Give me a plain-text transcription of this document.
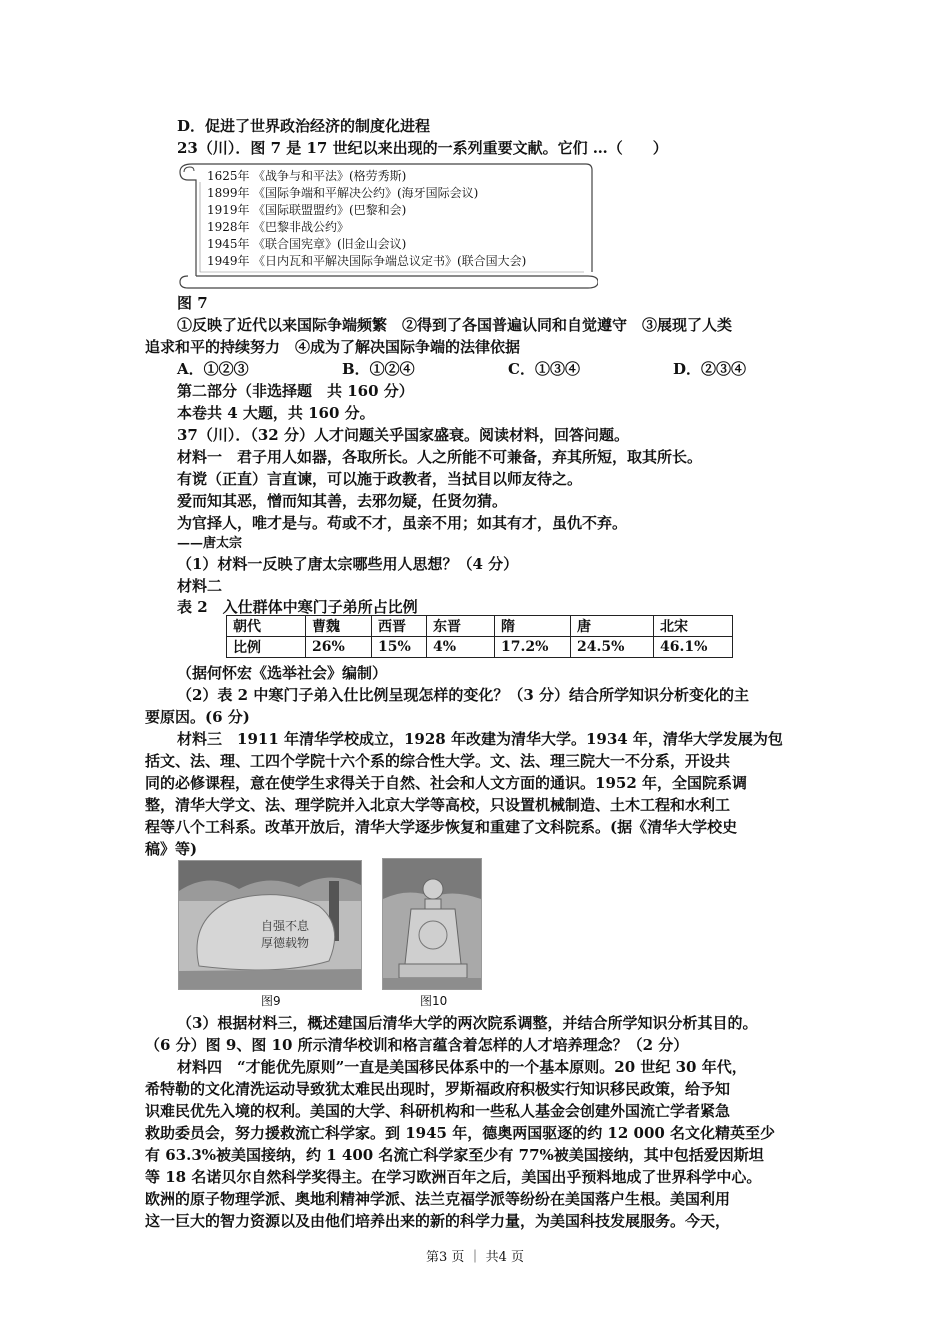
D．促进了世界政治经济的制度化进程
23（川）．图 7 是 17 世纪以来出现的一系列重要文献。它们 …（　　）
1625年 《战争与和平法》(格劳秀斯)
1899年 《国际争端和平解决公约》(海牙国际会议)
1919年 《国际联盟盟约》(巴黎和会)
1928年 《巴黎非战公约》
1945年 《联合国宪章》(旧金山会议)
1949年 《日内瓦和平解决国际争端总议定书》(联合国大会)
图 7
①反映了近代以来国际争端频繁　②得到了各国普遍认同和自觉遵守　③展现了人类
追求和平的持续努力　④成为了解决国际争端的法律依据
A．①②③	B．①②④	C．①③④	D．②③④
第二部分（非选择题　共 160 分）
本卷共 4 大题，共 160 分。
37（川）．（32 分）人才问题关乎国家盛衰。阅读材料，回答问题。
材料一　君子用人如器，各取所长。人之所能不可兼备，弃其所短，取其所长。
有谠（正直）言直谏，可以施于政教者，当拭目以师友待之。
爱而知其恶，憎而知其善，去邪勿疑，任贤勿猜。
为官择人，唯才是与。苟或不才，虽亲不用；如其有才，虽仇不弃。
——唐太宗
（1）材料一反映了唐太宗哪些用人思想？（4 分）
材料二
表 2　入仕群体中寒门子弟所占比例
朝代	曹魏	西晋	东晋	隋	唐	北宋
比例	26%	15%	4%	17.2%	24.5%	46.1%
（据何怀宏《选举社会》编制）
（2）表 2 中寒门子弟入仕比例呈现怎样的变化？（3 分）结合所学知识分析变化的主
要原因。(6 分)
材料三　1911 年清华学校成立，1928 年改建为清华大学。1934 年，清华大学发展为包
括文、法、理、工四个学院十六个系的综合性大学。文、法、理三院大一不分系，开设共
同的必修课程，意在使学生求得关于自然、社会和人文方面的通识。1952 年，全国院系调
整，清华大学文、法、理学院并入北京大学等高校，只设置机械制造、土木工程和水利工
程等八个工科系。改革开放后，清华大学逐步恢复和重建了文科院系。(据《清华大学校史
稿》等)
自强不息
厚德载物
图9	图10
（3）根据材料三，概述建国后清华大学的两次院系调整，并结合所学知识分析其目的。
（6 分）图 9、图 10 所示清华校训和格言蕴含着怎样的人才培养理念？（2 分）
材料四　“才能优先原则”一直是美国移民体系中的一个基本原则。20 世纪 30 年代，
希特勒的文化清洗运动导致犹太难民出现时，罗斯福政府积极实行知识移民政策，给予知
识难民优先入境的权利。美国的大学、科研机构和一些私人基金会创建外国流亡学者紧急
救助委员会，努力援救流亡科学家。到 1945 年，德奥两国驱逐的约 12 000 名文化精英至少
有 63.3%被美国接纳，约 1 400 名流亡科学家至少有 77%被美国接纳，其中包括爱因斯坦
等 18 名诺贝尔自然科学奖得主。在学习欧洲百年之后，美国出乎预料地成了世界科学中心。
欧洲的原子物理学派、奥地利精神学派、法兰克福学派等纷纷在美国落户生根。美国利用
这一巨大的智力资源以及由他们培养出来的新的科学力量，为美国科技发展服务。今天，
第3 页 ｜ 共4 页
